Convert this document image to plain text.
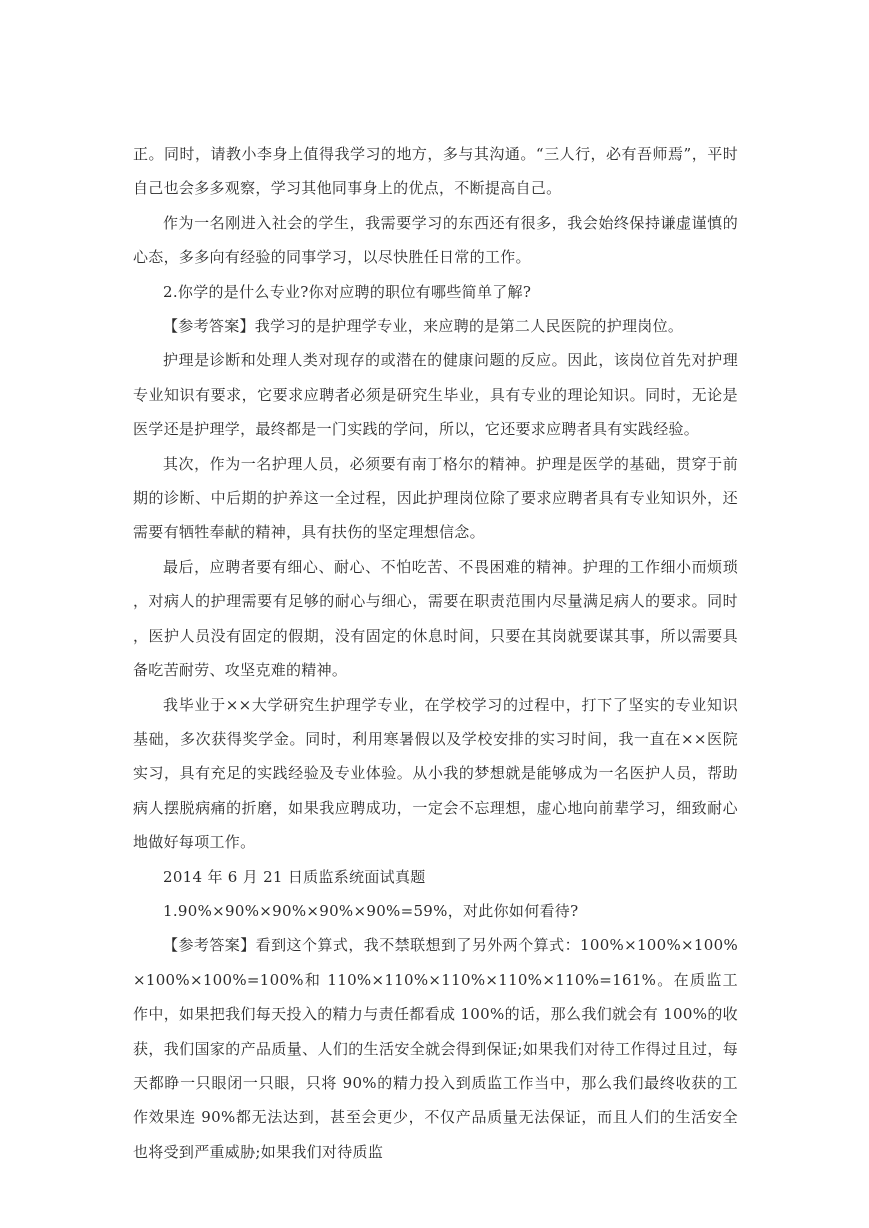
正。同时，请教小李身上值得我学习的地方，多与其沟通。“三人行，必有吾师焉”，平时自己也会多多观察，学习其他同事身上的优点，不断提高自己。

作为一名刚进入社会的学生，我需要学习的东西还有很多，我会始终保持谦虚谨慎的心态，多多向有经验的同事学习，以尽快胜任日常的工作。

2.你学的是什么专业?你对应聘的职位有哪些简单了解?

【参考答案】我学习的是护理学专业，来应聘的是第二人民医院的护理岗位。

护理是诊断和处理人类对现存的或潜在的健康问题的反应。因此，该岗位首先对护理专业知识有要求，它要求应聘者必须是研究生毕业，具有专业的理论知识。同时，无论是医学还是护理学，最终都是一门实践的学问，所以，它还要求应聘者具有实践经验。

其次，作为一名护理人员，必须要有南丁格尔的精神。护理是医学的基础，贯穿于前期的诊断、中后期的护养这一全过程，因此护理岗位除了要求应聘者具有专业知识外，还需要有牺牲奉献的精神，具有扶伤的坚定理想信念。

最后，应聘者要有细心、耐心、不怕吃苦、不畏困难的精神。护理的工作细小而烦琐，对病人的护理需要有足够的耐心与细心，需要在职责范围内尽量满足病人的要求。同时，医护人员没有固定的假期，没有固定的休息时间，只要在其岗就要谋其事，所以需要具备吃苦耐劳、攻坚克难的精神。

我毕业于××大学研究生护理学专业，在学校学习的过程中，打下了坚实的专业知识基础，多次获得奖学金。同时，利用寒暑假以及学校安排的实习时间，我一直在××医院实习，具有充足的实践经验及专业体验。从小我的梦想就是能够成为一名医护人员，帮助病人摆脱病痛的折磨，如果我应聘成功，一定会不忘理想，虚心地向前辈学习，细致耐心地做好每项工作。

2014 年 6 月 21 日质监系统面试真题

1.90%×90%×90%×90%×90%=59%，对此你如何看待?

【参考答案】看到这个算式，我不禁联想到了另外两个算式：100%×100%×100%×100%×100%=100%和 110%×110%×110%×110%×110%=161%。在质监工作中，如果把我们每天投入的精力与责任都看成 100%的话，那么我们就会有 100%的收获，我们国家的产品质量、人们的生活安全就会得到保证;如果我们对待工作得过且过，每天都睁一只眼闭一只眼，只将 90%的精力投入到质监工作当中，那么我们最终收获的工作效果连 90%都无法达到，甚至会更少，不仅产品质量无法保证，而且人们的生活安全也将受到严重威胁;如果我们对待质监
